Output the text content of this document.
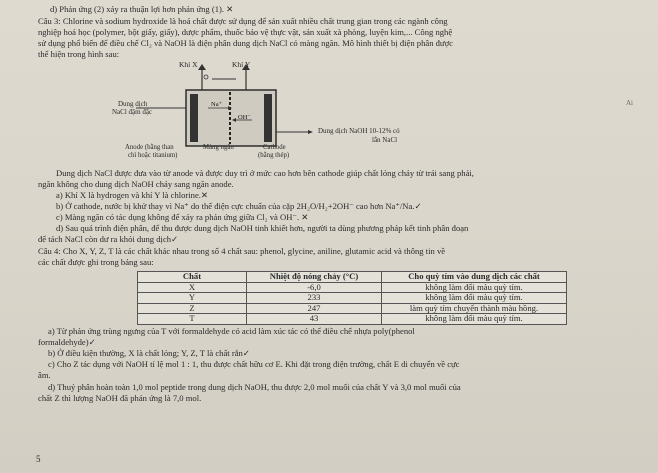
d) Phản ứng (2) xảy ra thuận lợi hơn phản ứng (1). ✕
Câu 3: Chlorine và sodium hydroxide là hoá chất được sử dụng để sản xuất nhiều chất trung gian trong các ngành công
nghiệp hoá học (polymer, bột giấy, giấy), dược phẩm, thuốc bảo vệ thực vật, sản xuất xà phòng, luyện kim,... Công nghệ
sử dụng phổ biến để điều chế Cl₂ và NaOH là điện phân dung dịch NaCl có màng ngăn. Mô hình thiết bị điện phân được
thể hiện trong hình sau:
Khí X	Khí Y
Dung dịch
NaCl đậm đặc
Na⁺
OH⁻
Dung dịch NaOH 10-12% có
lẫn NaCl
Anode (bằng than
chì hoặc titanium)
Màng ngăn	Cathode
(bằng thép)
Ai
Dung dịch NaCl được đưa vào từ anode và được duy trì ở mức cao hơn bên cathode giúp chất lỏng chảy từ trái sang phải,
ngăn không cho dung dịch NaOH chảy sang ngăn anode.
a) Khí X là hydrogen và khí Y là chlorine.✕
b) Ở cathode, nước bị khử thay vì Na⁺ do thế điện cực chuẩn của cặp 2H₂O/H₂+2OH⁻ cao hơn Na⁺/Na.✓
c) Màng ngăn có tác dụng không để xảy ra phản ứng giữa Cl₂ và OH⁻. ✕
d) Sau quá trình điện phân, để thu được dung dịch NaOH tinh khiết hơn, người ta dùng phương pháp kết tinh phân đoạn
để tách NaCl còn dư ra khỏi dung dịch✓
Câu 4: Cho X, Y, Z, T là các chất khác nhau trong số 4 chất sau: phenol, glycine, aniline, glutamic acid và thông tin về
các chất được ghi trong bảng sau:
Chất	Nhiệt độ nóng chảy (°C)	Cho quỳ tím vào dung dịch các chất
X	-6,0	không làm đổi màu quỳ tím.
Y	233	không làm đổi màu quỳ tím.
Z	247	làm quỳ tím chuyển thành màu hồng.
T	43	không làm đổi màu quỳ tím.
a) Từ phản ứng trùng ngưng của T với formaldehyde có acid làm xúc tác có thể điều chế nhựa poly(phenol
formaldehyde)✓
b) Ở điều kiện thường, X là chất lỏng; Y, Z, T là chất rắn✓
c) Cho Z tác dụng với NaOH tỉ lệ mol 1 : 1, thu được chất hữu cơ E. Khi đặt trong điện trường, chất E di chuyển về cực
âm.
d) Thuỷ phân hoàn toàn 1,0 mol peptide trong dung dịch NaOH, thu được 2,0 mol muối của chất Y và 3,0 mol muối của
chất Z thì lượng NaOH đã phản ứng là 7,0 mol.
5
